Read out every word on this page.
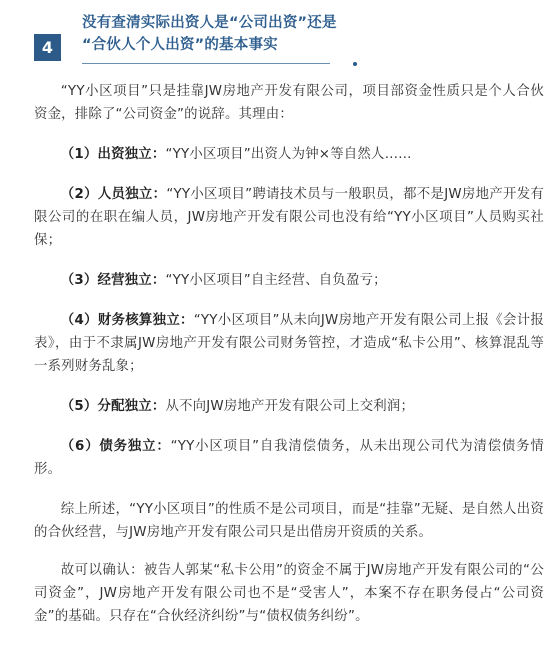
4
没有查清实际出资人是“公司出资”还是
“合伙人个人出资”的基本事实

“YY小区项目”只是挂靠JW房地产开发有限公司，项目部资金性质只是个人合伙资金，排除了“公司资金”的说辞。其理由：

（1）出资独立：“YY小区项目”出资人为钟×等自然人……

（2）人员独立：“YY小区项目”聘请技术员与一般职员，都不是JW房地产开发有限公司的在职在编人员，JW房地产开发有限公司也没有给“YY小区项目”人员购买社保；

（3）经营独立：“YY小区项目”自主经营、自负盈亏；

（4）财务核算独立：“YY小区项目”从未向JW房地产开发有限公司上报《会计报表》，由于不隶属JW房地产开发有限公司财务管控，才造成“私卡公用”、核算混乱等一系列财务乱象；

（5）分配独立：从不向JW房地产开发有限公司上交利润；

（6）债务独立：“YY小区项目”自我清偿债务，从未出现公司代为清偿债务情形。

综上所述，“YY小区项目”的性质不是公司项目，而是“挂靠”无疑、是自然人出资的合伙经营，与JW房地产开发有限公司只是出借房开资质的关系。

故可以确认：被告人郭某“私卡公用”的资金不属于JW房地产开发有限公司的“公司资金”，JW房地产开发有限公司也不是“受害人”，本案不存在职务侵占“公司资金”的基础。只存在“合伙经济纠纷”与“债权债务纠纷”。
